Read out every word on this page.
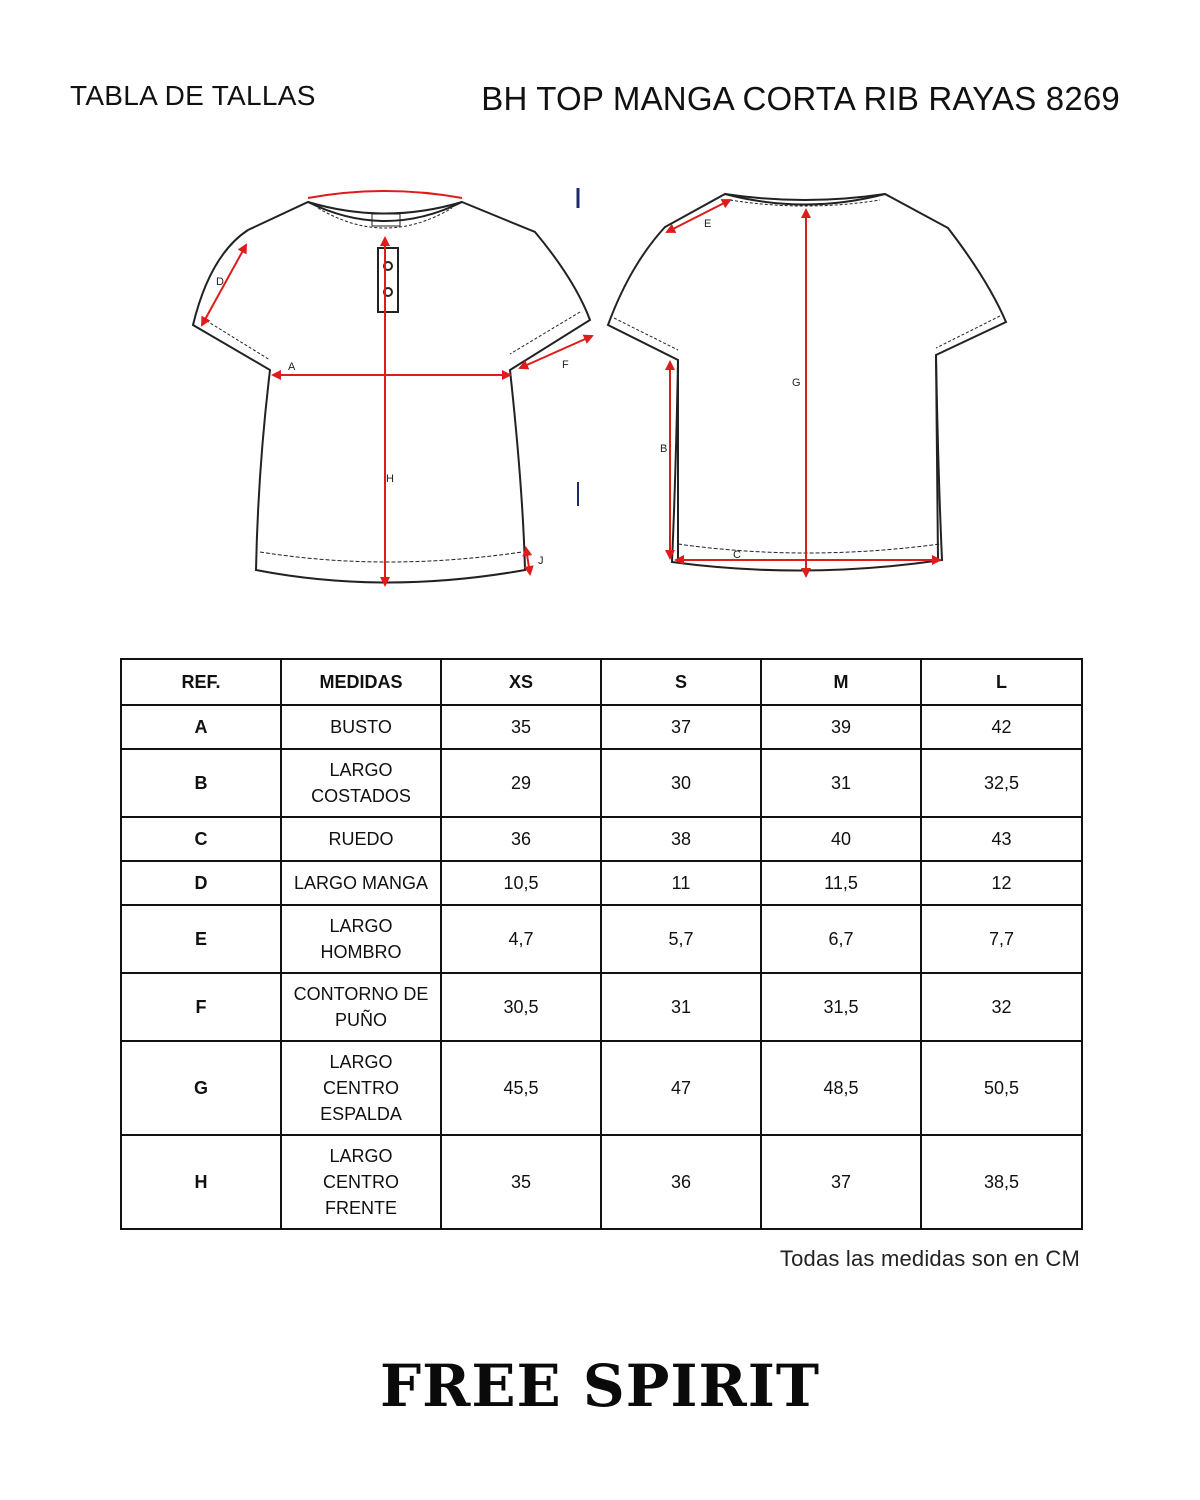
TABLA DE TALLAS	BH TOP MANGA CORTA RIB RAYAS 8269
A
D
F
H
J
B
C
E
G
REF.	MEDIDAS	XS	S	M	L
A	BUSTO	35	37	39	42
B	LARGO
COSTADOS	29	30	31	32,5
C	RUEDO	36	38	40	43
D	LARGO MANGA	10,5	11	11,5	12
E	LARGO
HOMBRO	4,7	5,7	6,7	7,7
F	CONTORNO DE
PUÑO	30,5	31	31,5	32
G	LARGO
CENTRO
ESPALDA	45,5	47	48,5	50,5
H	LARGO
CENTRO
FRENTE	35	36	37	38,5
Todas las medidas son en CM
FREE SPIRIT
